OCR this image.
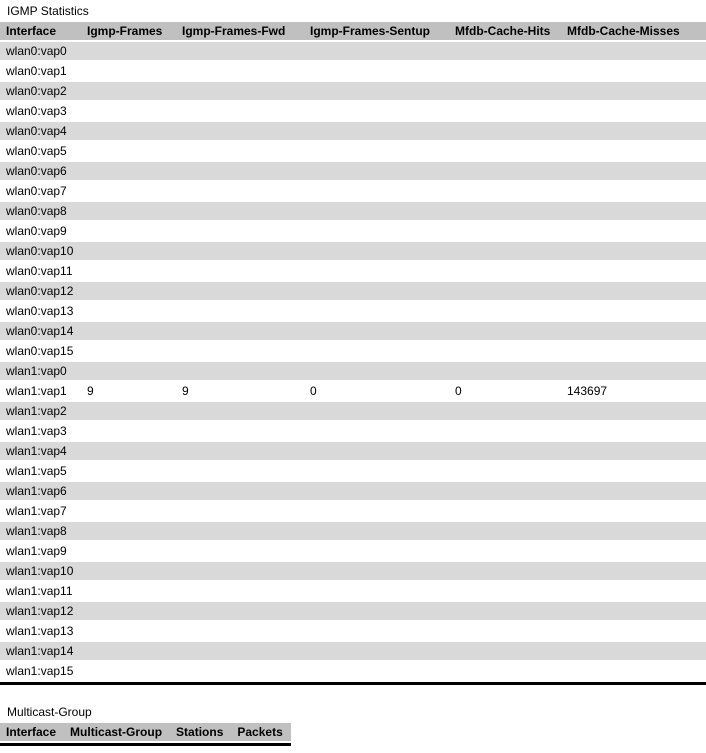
IGMP Statistics
Interface	Igmp-Frames	Igmp-Frames-Fwd	Igmp-Frames-Sentup	Mfdb-Cache-Hits	Mfdb-Cache-Misses
wlan0:vap0					
wlan0:vap1					
wlan0:vap2					
wlan0:vap3					
wlan0:vap4					
wlan0:vap5					
wlan0:vap6					
wlan0:vap7					
wlan0:vap8					
wlan0:vap9					
wlan0:vap10					
wlan0:vap11					
wlan0:vap12					
wlan0:vap13					
wlan0:vap14					
wlan0:vap15					
wlan1:vap0					
wlan1:vap1	9	9	0	0	143697
wlan1:vap2					
wlan1:vap3					
wlan1:vap4					
wlan1:vap5					
wlan1:vap6					
wlan1:vap7					
wlan1:vap8					
wlan1:vap9					
wlan1:vap10					
wlan1:vap11					
wlan1:vap12					
wlan1:vap13					
wlan1:vap14					
wlan1:vap15					
Multicast-Group
Interface	Multicast-Group	Stations	Packets
